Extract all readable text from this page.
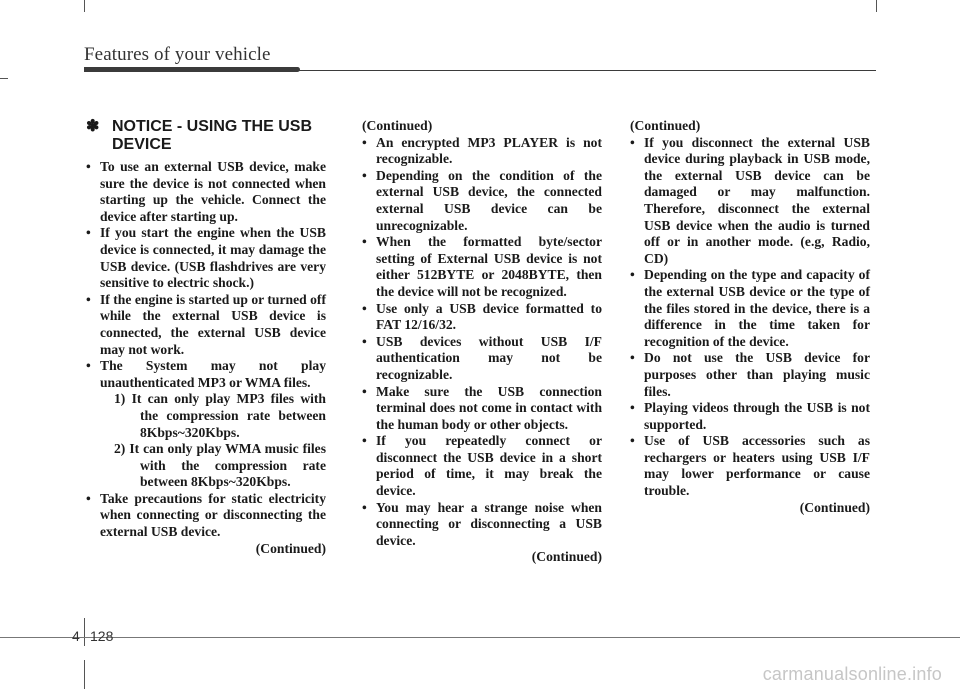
Features of your vehicle
✽ NOTICE - USING THE USB DEVICE
• To use an external USB device, make sure the device is not connected when starting up the vehicle. Connect the device after starting up.
• If you start the engine when the USB device is connected, it may damage the USB device. (USB flashdrives are very sensitive to electric shock.)
• If the engine is started up or turned off while the external USB device is connected, the external USB device may not work.
• The System may not play unauthenticated MP3 or WMA files.
1) It can only play MP3 files with the compression rate between 8Kbps~320Kbps.
2) It can only play WMA music files with the compression rate between 8Kbps~320Kbps.
• Take precautions for static electricity when connecting or disconnecting the external USB device.
(Continued)
(Continued)
• An encrypted MP3 PLAYER is not recognizable.
• Depending on the condition of the external USB device, the connected external USB device can be unrecognizable.
• When the formatted byte/sector setting of External USB device is not either 512BYTE or 2048BYTE, then the device will not be recognized.
• Use only a USB device formatted to FAT 12/16/32.
• USB devices without USB I/F authentication may not be recognizable.
• Make sure the USB connection terminal does not come in contact with the human body or other objects.
• If you repeatedly connect or disconnect the USB device in a short period of time, it may break the device.
• You may hear a strange noise when connecting or disconnecting a USB device.
(Continued)
(Continued)
• If you disconnect the external USB device during playback in USB mode, the external USB device can be damaged or may malfunction. Therefore, disconnect the external USB device when the audio is turned off or in another mode. (e.g, Radio, CD)
• Depending on the type and capacity of the external USB device or the type of the files stored in the device, there is a difference in the time taken for recognition of the device.
• Do not use the USB device for purposes other than playing music files.
• Playing videos through the USB is not supported.
• Use of USB accessories such as rechargers or heaters using USB I/F may lower performance or cause trouble.
(Continued)
4 128
carmanualsonline.info
